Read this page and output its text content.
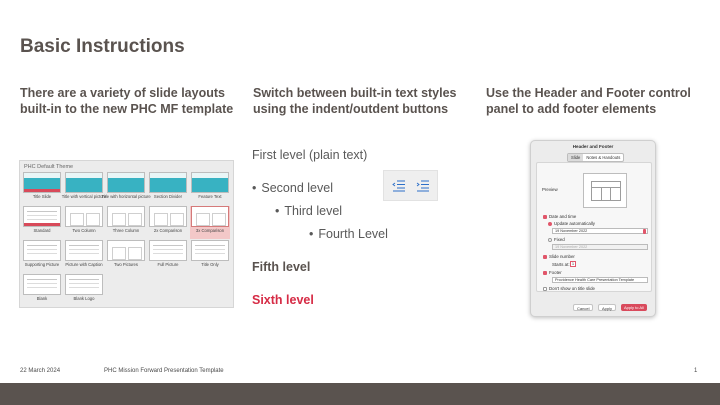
Basic Instructions
There are a variety of slide layouts built-in to the new PHC MF template
Switch between built-in text styles using the indent/outdent buttons
Use the Header and Footer control panel to add footer elements
PHC Default Theme
Title Slide	Title with vertical picture
Title with horizontal picture Section Divider	Feature Text
Standard	Two Column	Three Column	2x Comparison	3x Comparison
Supporting Picture Picture with Caption	Two Pictures	Full Picture	Title Only
Blank	Blank Logo
First level (plain text)
• Second level
• Third level
• Fourth Level
Fifth level
Sixth level
Header and Footer
Slide	Notes & Handouts
Preview
Date and time
Update automatically
19 November 2022
Fixed
19 November 2022
Slide number
Starts at: 1
Footer
Providence Health Care Presentation Template
Don't show on title slide
Cancel	Apply	Apply to All
22 March 2024	PHC Mission Forward Presentation Template	1
